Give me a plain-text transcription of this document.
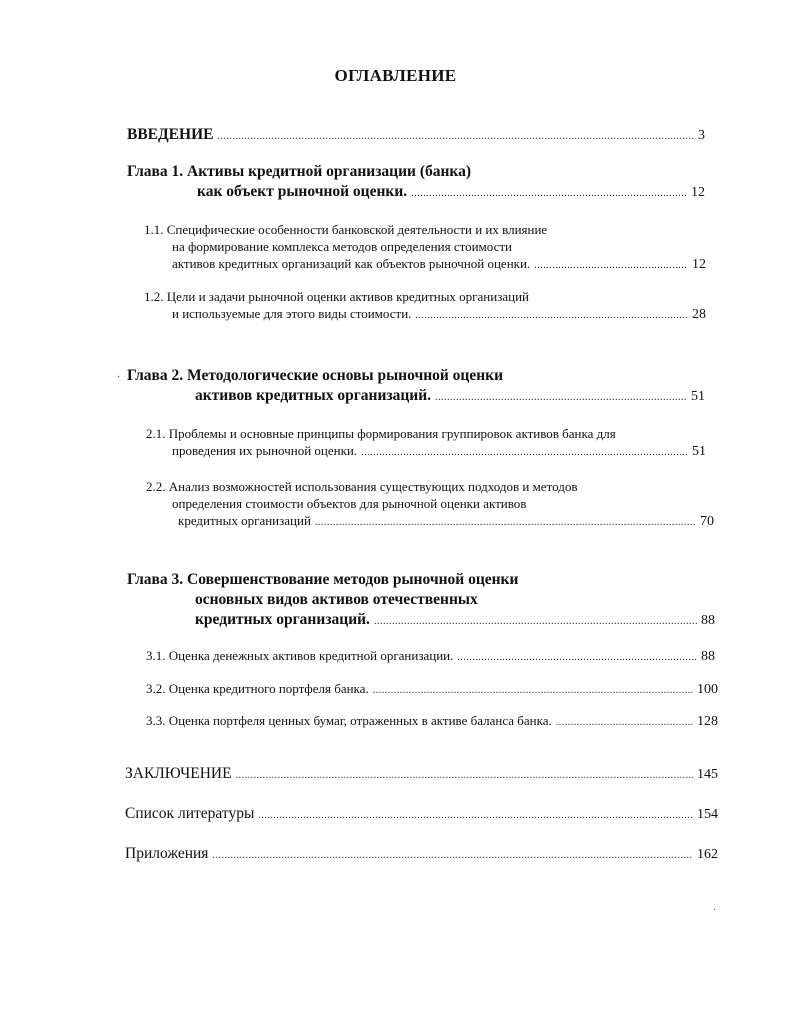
ОГЛАВЛЕНИЕ
ВВЕДЕНИЕ .....	3
Глава 1. Активы кредитной организации (банка)
как объект рыночной оценки. .....	12
1.1. Специфические особенности банковской деятельности и их влияние
на формирование комплекса методов определения стоимости
активов кредитных организаций как объектов рыночной оценки. .....	12
1.2. Цели и задачи рыночной оценки активов кредитных организаций
и используемые для этого виды стоимости. .....	28
Глава 2. Методологические основы рыночной оценки
активов кредитных организаций. .....	51
2.1. Проблемы и основные принципы формирования группировок активов банка для
проведения их рыночной оценки. .....	51
2.2. Анализ возможностей использования существующих подходов и методов
определения стоимости объектов для рыночной оценки активов
кредитных организаций .....	70
Глава 3. Совершенствование методов рыночной оценки
основных видов активов отечественных
кредитных организаций. .....	88
3.1. Оценка денежных активов кредитной организации. .....	88
3.2. Оценка кредитного портфеля банка. .....	100
3.3. Оценка портфеля ценных бумаг, отраженных в активе баланса банка. .....	128
ЗАКЛЮЧЕНИЕ .....	145
Список литературы .....	154
Приложения .....	162
·
·
